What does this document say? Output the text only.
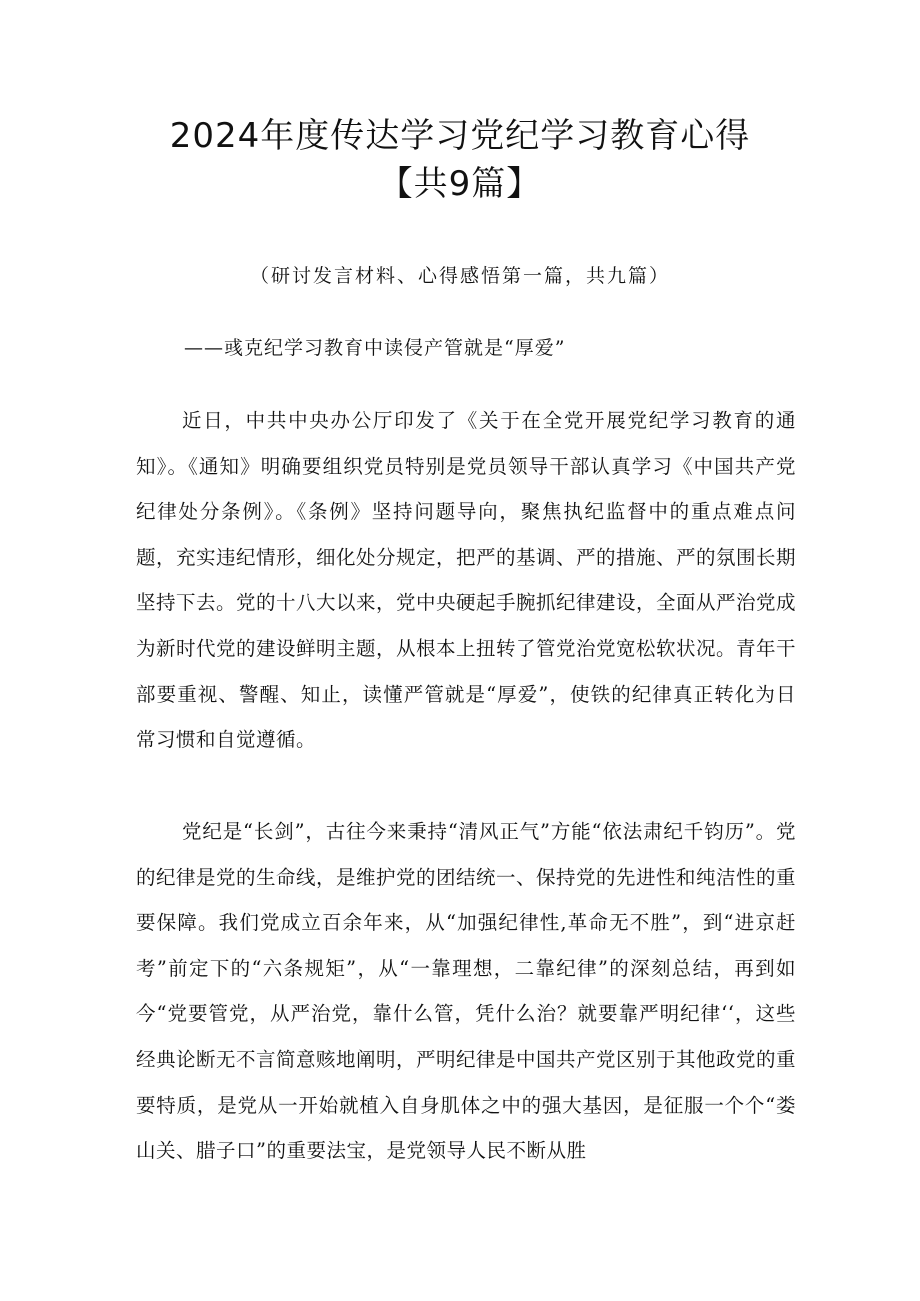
2024年度传达学习党纪学习教育心得【共9篇】
（研讨发言材料、心得感悟第一篇，共九篇）
——彧克纪学习教育中读侵产管就是“厚爱”

近日，中共中央办公厅印发了《关于在全党开展党纪学习教育的通知》。《通知》明确要组织党员特别是党员领导干部认真学习《中国共产党纪律处分条例》。《条例》坚持问题导向，聚焦执纪监督中的重点难点问题，充实违纪情形，细化处分规定，把严的基调、严的措施、严的氛围长期坚持下去。党的十八大以来，党中央硬起手腕抓纪律建设，全面从严治党成为新时代党的建设鲜明主题，从根本上扭转了管党治党宽松软状况。青年干部要重视、警醒、知止，读懂严管就是“厚爱”，使铁的纪律真正转化为日常习惯和自觉遵循。

党纪是“长剑”，古往今来秉持“清风正气”方能“依法肃纪千钧历”。党的纪律是党的生命线，是维护党的团结统一、保持党的先进性和纯洁性的重要保障。我们党成立百余年来，从“加强纪律性,革命无不胜”，到“进京赶考”前定下的“六条规矩”，从“一靠理想，二靠纪律”的深刻总结，再到如今“党要管党，从严治党，靠什么管，凭什么治？就要靠严明纪律‘‘，这些经典论断无不言简意赅地阐明，严明纪律是中国共产党区别于其他政党的重要特质，是党从一开始就植入自身肌体之中的强大基因，是征服一个个“娄山关、腊子口”的重要法宝，是党领导人民不断从胜
